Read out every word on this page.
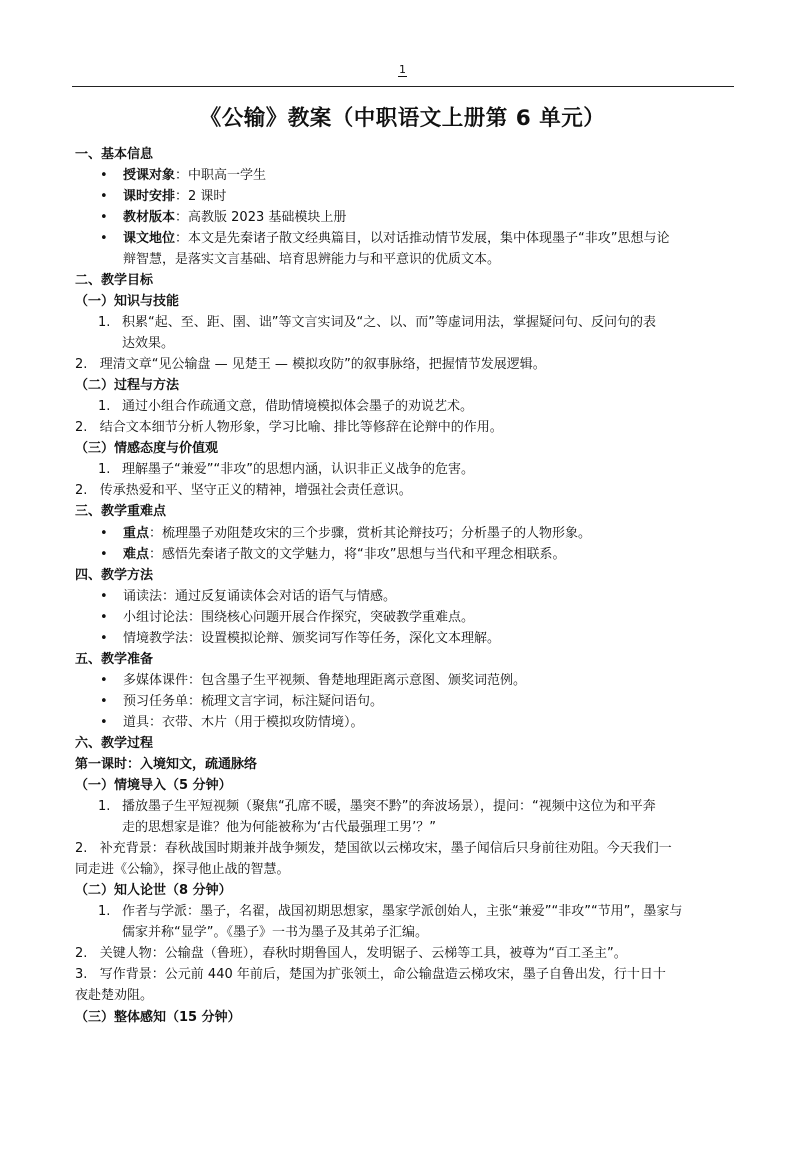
1
《公输》教案（中职语文上册第 6 单元）
一、基本信息
• 授课对象：中职高一学生
• 课时安排：2 课时
• 教材版本：高教版 2023 基础模块上册
• 课文地位：本文是先秦诸子散文经典篇目，以对话推动情节发展，集中体现墨子“非攻”思想与论
辩智慧，是落实文言基础、培育思辨能力与和平意识的优质文本。
二、教学目标
（一）知识与技能
1. 积累“起、至、距、圉、诎”等文言实词及“之、以、而”等虚词用法，掌握疑问句、反问句的表
达效果。
2.   理清文章“见公输盘 — 见楚王 — 模拟攻防”的叙事脉络，把握情节发展逻辑。
（二）过程与方法
1. 通过小组合作疏通文意，借助情境模拟体会墨子的劝说艺术。
2.   结合文本细节分析人物形象，学习比喻、排比等修辞在论辩中的作用。
（三）情感态度与价值观
1. 理解墨子“兼爱”“非攻”的思想内涵，认识非正义战争的危害。
2.   传承热爱和平、坚守正义的精神，增强社会责任意识。
三、教学重难点
• 重点：梳理墨子劝阻楚攻宋的三个步骤，赏析其论辩技巧；分析墨子的人物形象。
• 难点：感悟先秦诸子散文的文学魅力，将“非攻”思想与当代和平理念相联系。
四、教学方法
• 诵读法：通过反复诵读体会对话的语气与情感。
• 小组讨论法：围绕核心问题开展合作探究，突破教学重难点。
• 情境教学法：设置模拟论辩、颁奖词写作等任务，深化文本理解。
五、教学准备
• 多媒体课件：包含墨子生平视频、鲁楚地理距离示意图、颁奖词范例。
• 预习任务单：梳理文言字词，标注疑问语句。
• 道具：衣带、木片（用于模拟攻防情境）。
六、教学过程
第一课时：入境知文，疏通脉络
（一）情境导入（5 分钟）
1. 播放墨子生平短视频（聚焦“孔席不暖，墨突不黔”的奔波场景），提问：“视频中这位为和平奔
走的思想家是谁？他为何能被称为‘古代最强理工男’？”
2.   补充背景：春秋战国时期兼并战争频发，楚国欲以云梯攻宋，墨子闻信后只身前往劝阻。今天我们一
同走进《公输》，探寻他止战的智慧。
（二）知人论世（8 分钟）
1. 作者与学派：墨子，名翟，战国初期思想家，墨家学派创始人，主张“兼爱”“非攻”“节用”，墨家与
儒家并称“显学”。《墨子》一书为墨子及其弟子汇编。
2.   关键人物：公输盘（鲁班），春秋时期鲁国人，发明锯子、云梯等工具，被尊为“百工圣主”。
3.   写作背景：公元前 440 年前后，楚国为扩张领土，命公输盘造云梯攻宋，墨子自鲁出发，行十日十
夜赴楚劝阻。
（三）整体感知（15 分钟）
